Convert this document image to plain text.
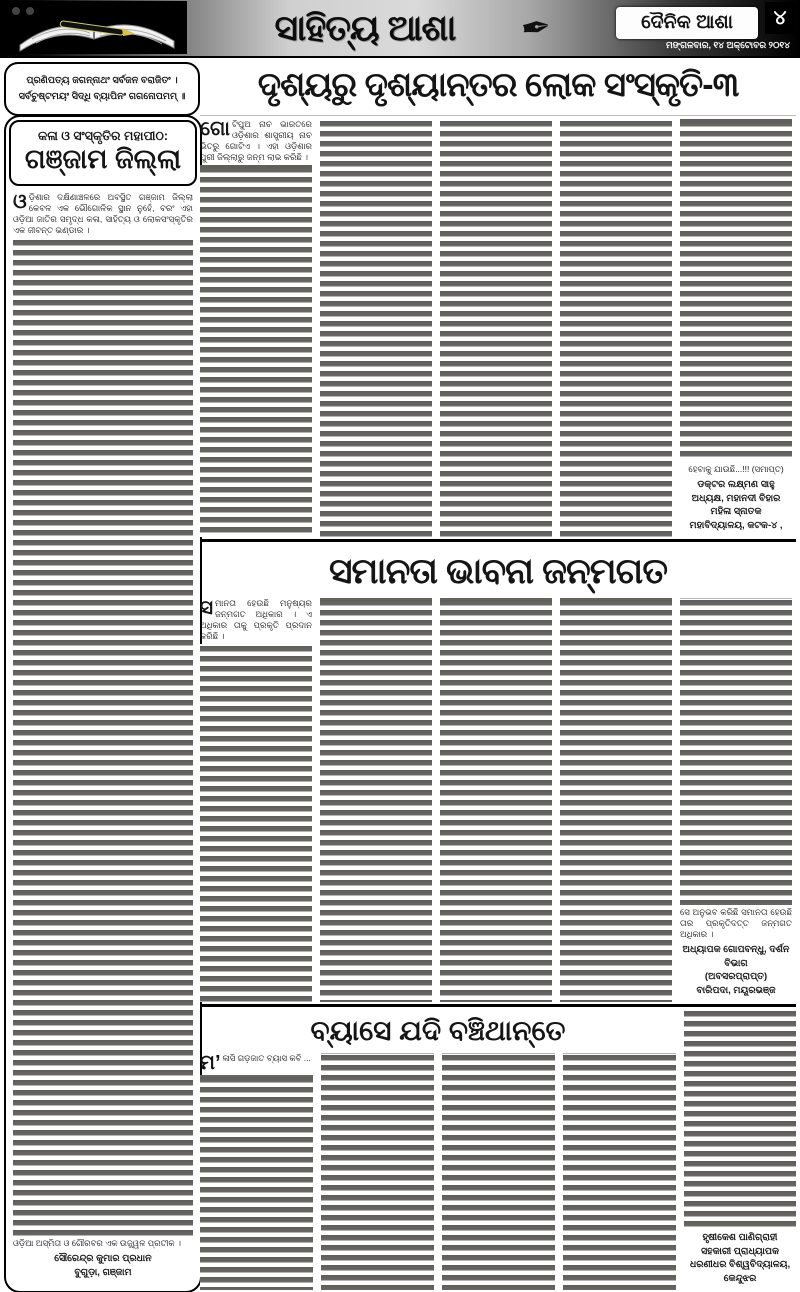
ସାହିତ୍ୟ ଆଶା	✒	ଦୈନିକ ଆଶା	୪
ମଙ୍ଗଳବାର, ୧୪ ଅକ୍ଟୋବର ୨୦୧୪
ପ୍ରଣିପତ୍ୟ ଜଗନ୍ନାଥଂ ସର୍ବଜନ ବରାଜିତଂ ।
ସର୍ବଚୁଷ୍ଟମୟଂ ସିଦ୍ଧି ବ୍ୟାପିନଂ ଗଗନୋପମମ୍ ॥	ଦୃଶ୍ୟରୁ ଦୃଶ୍ୟାନ୍ତର ଲୋକ ସଂସ୍କୃତି-୩
କଳା ଓ ସଂସ୍କୃତିର ମହାପୀଠ:
ଗଞ୍ଜାମ ଜିଲ୍ଲା
ଓଡ଼ିଶାର ଦକ୍ଷିଣାଞ୍ଚଳରେ ଅବସ୍ଥିତ ଗଞ୍ଜାମ ଜିଲ୍ଲା କେବଳ ଏକ ଭୌଗୋଳିକ ସ୍ଥାନ ନୁହେଁ, ବରଂ ଏହା ଓଡ଼ିଆ ଜାତିର ସମୃଦ୍ଧ କଳା, ସାହିତ୍ୟ ଓ ଲୋକସଂସ୍କୃତିର ଏକ ଜୀବନ୍ତ ଭଣ୍ଡାର ।
ଓଡ଼ିଆ ଅସ୍ମିତା ଓ ଗୌରବର ଏକ ଉଜ୍ଜ୍ୱଳ ପ୍ରତୀକ ।
ସୌରେନ୍ଦ୍ର କୁମାର ପ୍ରଧାନ
ବୁଗୁଡ଼ା, ଗଞ୍ଜାମ
ଗୋଟିପୁଅ ନାଚ ଭାରତରେ ଓଡ଼ିଶାର ଶାସ୍ତ୍ରୀୟ ନାଚ ଭିତରୁ ଗୋଟିଏ । ଏହା ଓଡ଼ିଶାର ପୁରୀ ଜିଲ୍ଲାରୁ ଜନ୍ମ ଲାଭ କରିଛି ।
ହେବାକୁ ଯାଉଛି...!!! (ସମାପ୍ତ)
ଡକ୍ଟର ଲକ୍ଷ୍ମଣ ସାହୁ
ଅଧ୍ୟକ୍ଷ, ମହାନଦୀ ବିହାର ମହିଳା ସ୍ନାତକ
ମହାବିଦ୍ୟାଳୟ, କଟକ-୪ ,
ସମାନତା ଭାବନା ଜନ୍ମଗତ
ସମାନତା ହେଉଛି ମନୁଷ୍ୟର ଜନ୍ମଗତ ଅଧିକାର । ଏ ଅଧିକାର ତାକୁ ପ୍ରକୃତି ପ୍ରଦାନ କରିଛି ।
ସେ ଅନୁଭବ କରିଛି ସମାନତା ହେଉଛି ତାର ପ୍ରକୃତିଦତ୍ତ ଜନ୍ମଗତ ଅଧିକାର ।
ଅଧ୍ୟାପକ ଗୋପବନ୍ଧୁ, ଦର୍ଶନ ବିଭାଗ
(ଅବସରପ୍ରାପ୍ତ)
ବାରିପଦା, ମୟୂରଭଞ୍ଜ
ବ୍ୟାସେ ଯଦି ବଞ୍ଚିଥାନ୍ତେ
ମ’ଳାସି ଗଡ଼ଜାତ ବ୍ୟାସ କବି ...
ହୃଷୀକେଶ ପାଣିଗ୍ରାହୀ
ସହକାରୀ ପ୍ରାଧ୍ୟାପକ
ଧରଣୀଧର ବିଶ୍ୱବିଦ୍ୟାଳୟ,
କେନ୍ଦୁଝର
